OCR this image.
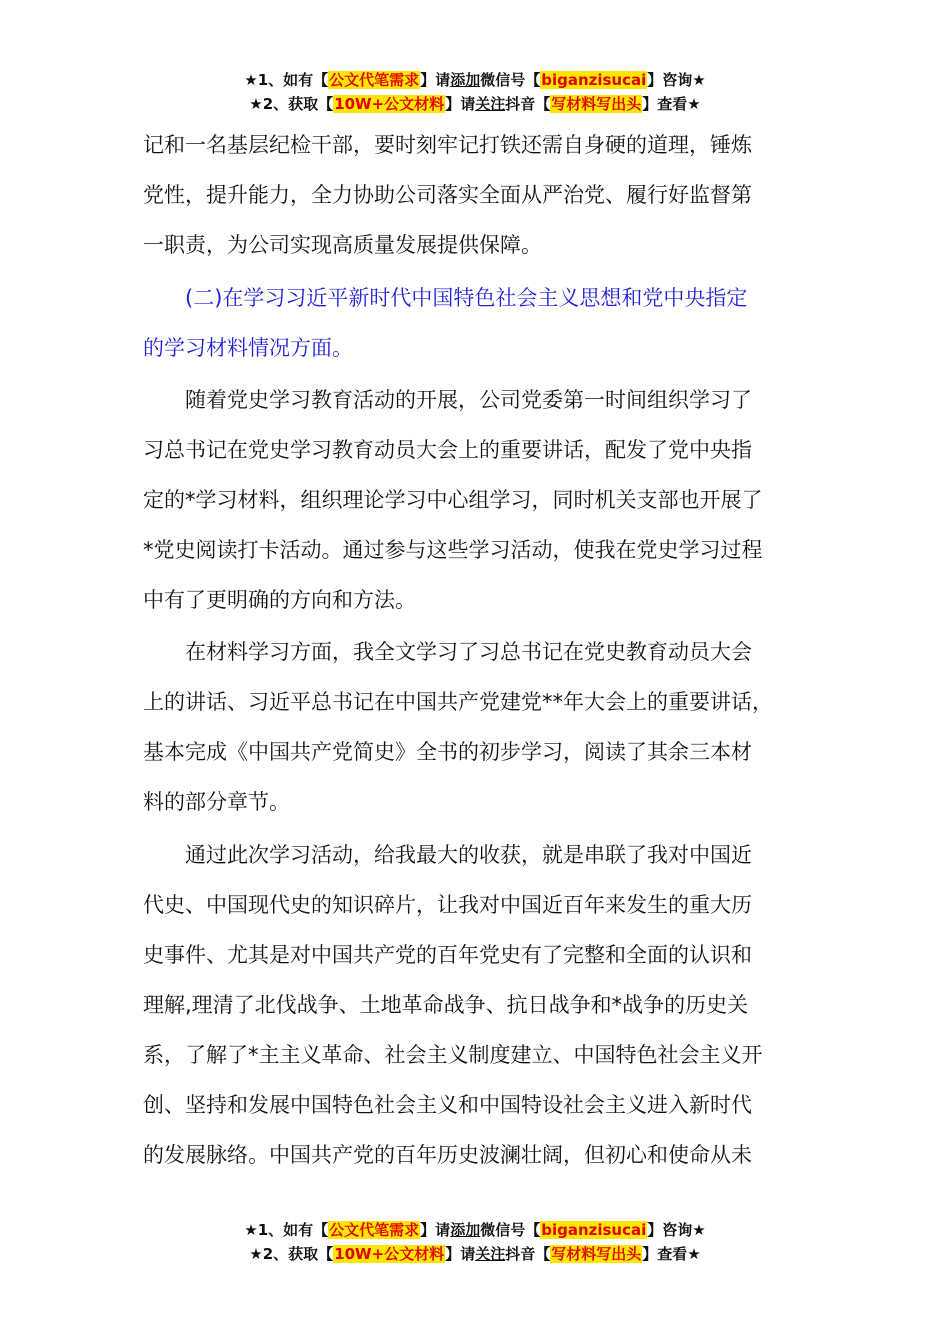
★1、如有【公文代笔需求】请添加微信号【biganzisucai】咨询★
★2、获取【10W+公文材料】请关注抖音【写材料写出头】查看★
记和一名基层纪检干部，要时刻牢记打铁还需自身硬的道理，锤炼
党性，提升能力，全力协助公司落实全面从严治党、履行好监督第
一职责，为公司实现高质量发展提供保障。
　　(二)在学习习近平新时代中国特色社会主义思想和党中央指定
的学习材料情况方面。
　　随着党史学习教育活动的开展，公司党委第一时间组织学习了
习总书记在党史学习教育动员大会上的重要讲话，配发了党中央指
定的*学习材料，组织理论学习中心组学习，同时机关支部也开展了
*党史阅读打卡活动。通过参与这些学习活动，使我在党史学习过程
中有了更明确的方向和方法。
　　在材料学习方面，我全文学习了习总书记在党史教育动员大会
上的讲话、习近平总书记在中国共产党建党**年大会上的重要讲话，
基本完成《中国共产党简史》全书的初步学习，阅读了其余三本材
料的部分章节。
　　通过此次学习活动，给我最大的收获，就是串联了我对中国近
代史、中国现代史的知识碎片，让我对中国近百年来发生的重大历
史事件、尤其是对中国共产党的百年党史有了完整和全面的认识和
理解,理清了北伐战争、土地革命战争、抗日战争和*战争的历史关
系，了解了*主主义革命、社会主义制度建立、中国特色社会主义开
创、坚持和发展中国特色社会主义和中国特设社会主义进入新时代
的发展脉络。中国共产党的百年历史波澜壮阔，但初心和使命从未
★1、如有【公文代笔需求】请添加微信号【biganzisucai】咨询★
★2、获取【10W+公文材料】请关注抖音【写材料写出头】查看★
